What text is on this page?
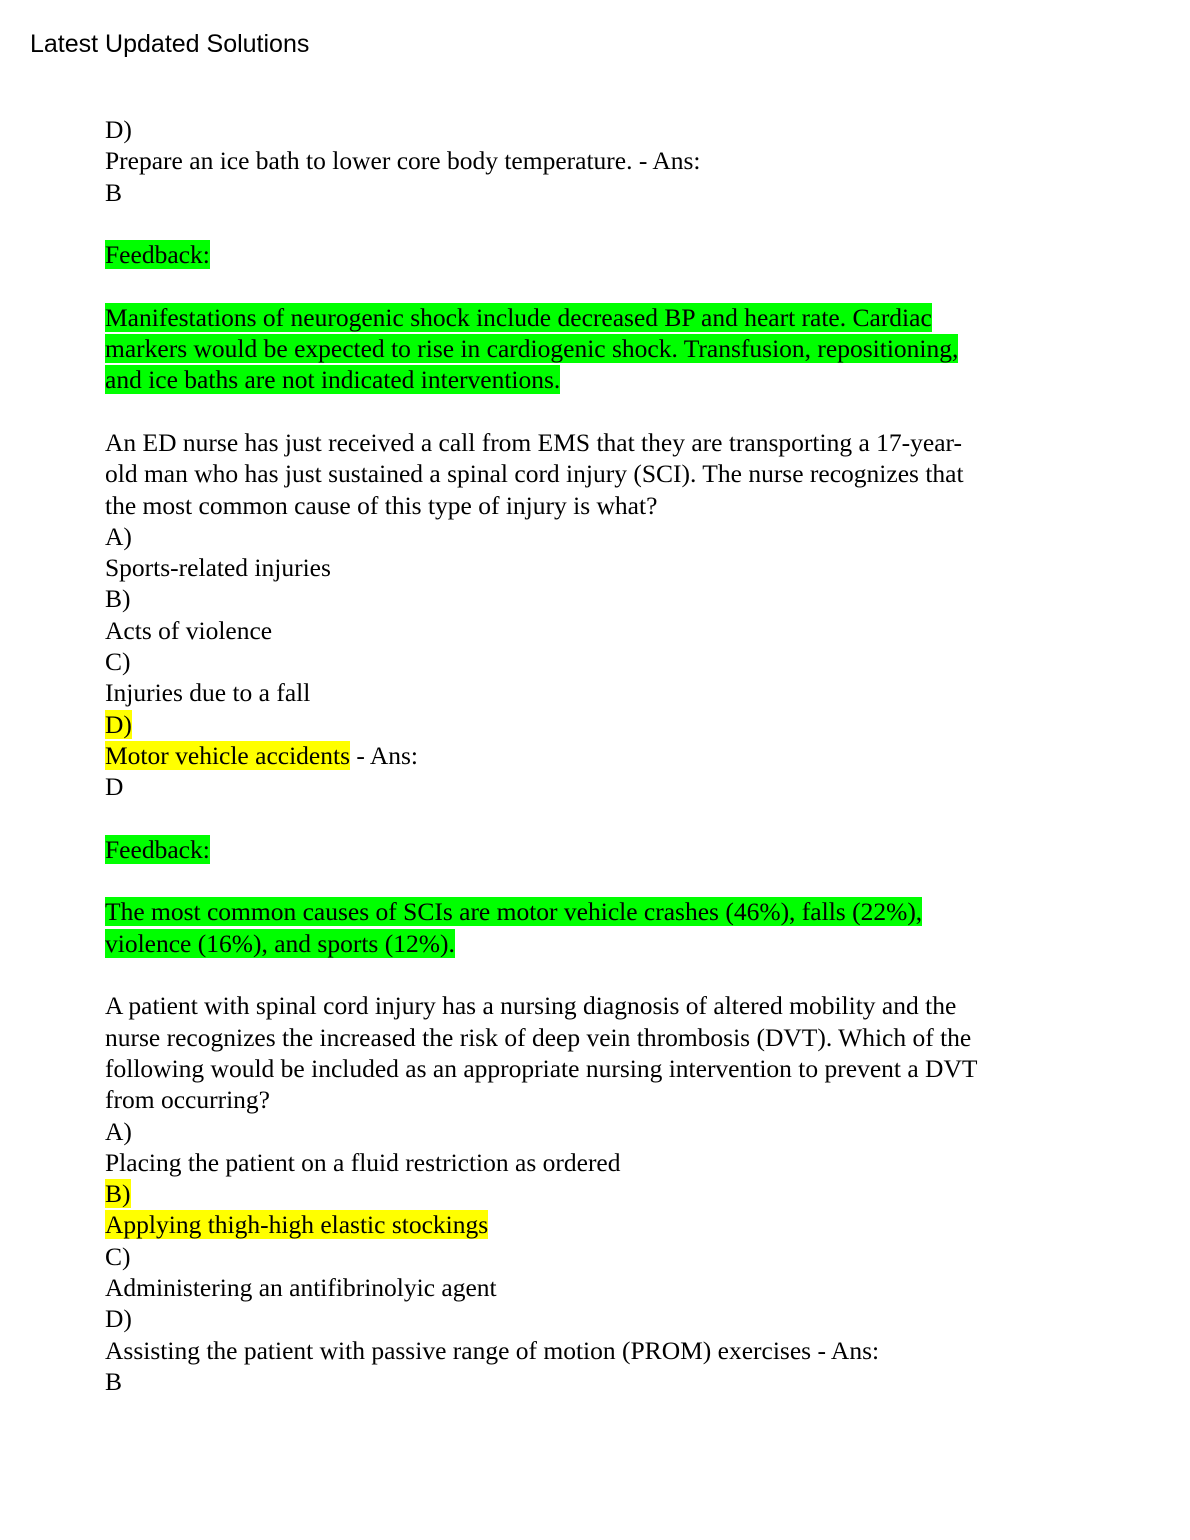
Latest Updated Solutions
D)
Prepare an ice bath to lower core body temperature. - Ans:
B
Feedback:
Manifestations of neurogenic shock include decreased BP and heart rate. Cardiac
markers would be expected to rise in cardiogenic shock. Transfusion, repositioning,
and ice baths are not indicated interventions.
An ED nurse has just received a call from EMS that they are transporting a 17-year-
old man who has just sustained a spinal cord injury (SCI). The nurse recognizes that
the most common cause of this type of injury is what?
A)
Sports-related injuries
B)
Acts of violence
C)
Injuries due to a fall
D)
Motor vehicle accidents - Ans:
D
Feedback:
The most common causes of SCIs are motor vehicle crashes (46%), falls (22%),
violence (16%), and sports (12%).
A patient with spinal cord injury has a nursing diagnosis of altered mobility and the
nurse recognizes the increased the risk of deep vein thrombosis (DVT). Which of the
following would be included as an appropriate nursing intervention to prevent a DVT
from occurring?
A)
Placing the patient on a fluid restriction as ordered
B)
Applying thigh-high elastic stockings
C)
Administering an antifibrinolyic agent
D)
Assisting the patient with passive range of motion (PROM) exercises - Ans:
B
